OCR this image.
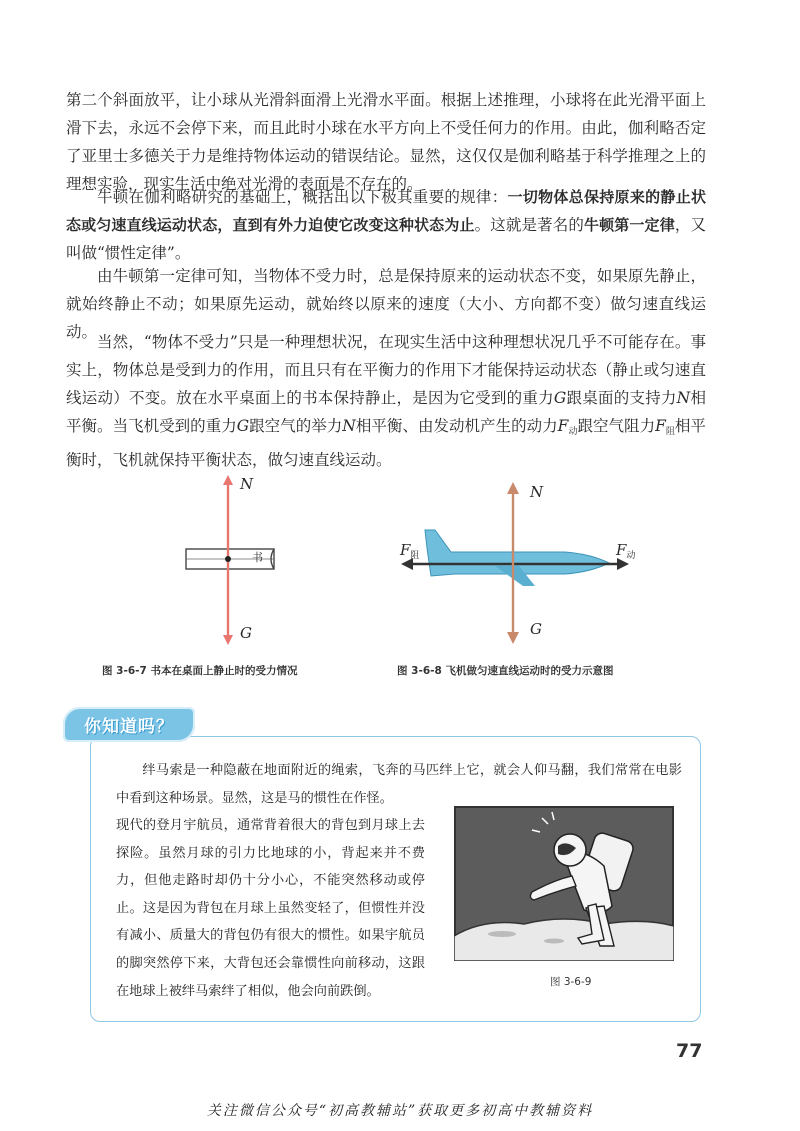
第二个斜面放平，让小球从光滑斜面滑上光滑水平面。根据上述推理，小球将在此光滑平面上滑下去，永远不会停下来，而且此时小球在水平方向上不受任何力的作用。由此，伽利略否定了亚里士多德关于力是维持物体运动的错误结论。显然，这仅仅是伽利略基于科学推理之上的理想实验，现实生活中绝对光滑的表面是不存在的。

牛顿在伽利略研究的基础上，概括出以下极其重要的规律：一切物体总保持原来的静止状态或匀速直线运动状态，直到有外力迫使它改变这种状态为止。这就是著名的牛顿第一定律，又叫做“惯性定律”。

由牛顿第一定律可知，当物体不受力时，总是保持原来的运动状态不变，如果原先静止，就始终静止不动；如果原先运动，就始终以原来的速度（大小、方向都不变）做匀速直线运动。

当然，“物体不受力”只是一种理想状况，在现实生活中这种理想状况几乎不可能存在。事实上，物体总是受到力的作用，而且只有在平衡力的作用下才能保持运动状态（静止或匀速直线运动）不变。放在水平桌面上的书本保持静止，是因为它受到的重力G跟桌面的支持力N相平衡。当飞机受到的重力G跟空气的举力N相平衡、由发动机产生的动力$F_动$跟空气阻力$F_阻$相平衡时，飞机就保持平衡状态，做匀速直线运动。

N
G
书
图 3-6-7 书本在桌面上静止时的受力情况
N
G
$F_阻$	$F_动$
图 3-6-8 飞机做匀速直线运动时的受力示意图
你知道吗？

绊马索是一种隐蔽在地面附近的绳索，飞奔的马匹绊上它，就会人仰马翻，我们常常在电影中看到这种场景。显然，这是马的惯性在作怪。

现代的登月宇航员，通常背着很大的背包到月球上去探险。虽然月球的引力比地球的小，背起来并不费力，但他走路时却仍十分小心，不能突然移动或停止。这是因为背包在月球上虽然变轻了，但惯性并没有减小、质量大的背包仍有很大的惯性。如果宇航员的脚突然停下来，大背包还会靠惯性向前移动，这跟在地球上被绊马索绊了相似，他会向前跌倒。

图 3-6-9
77
关注微信公众号“初高教辅站”获取更多初高中教辅资料
